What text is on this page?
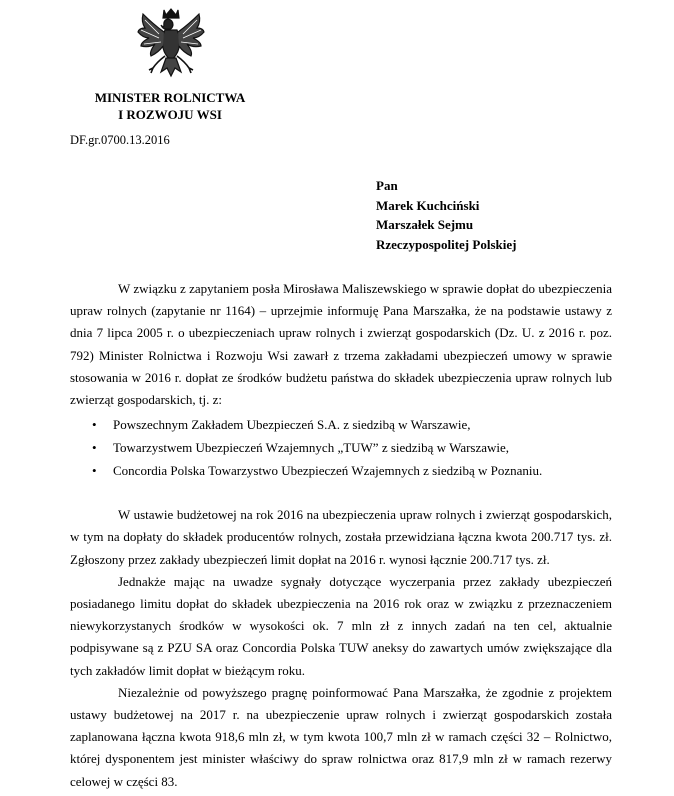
MINISTER ROLNICTWA
I ROZWOJU WSI
DF.gr.0700.13.2016
Pan
Marek Kuchciński
Marszałek Sejmu
Rzeczypospolitej Polskiej

W związku z zapytaniem posła Mirosława Maliszewskiego w sprawie dopłat do ubezpieczenia upraw rolnych (zapytanie nr 1164) – uprzejmie informuję Pana Marszałka, że na podstawie ustawy z dnia 7 lipca 2005 r. o ubezpieczeniach upraw rolnych i zwierząt gospodarskich (Dz. U. z 2016 r. poz. 792) Minister Rolnictwa i Rozwoju Wsi zawarł z trzema zakładami ubezpieczeń umowy w sprawie stosowania w 2016 r. dopłat ze środków budżetu państwa do składek ubezpieczenia upraw rolnych lub zwierząt gospodarskich, tj. z:

• Powszechnym Zakładem Ubezpieczeń S.A. z siedzibą w Warszawie,
• Towarzystwem Ubezpieczeń Wzajemnych „TUW” z siedzibą w Warszawie,
• Concordia Polska Towarzystwo Ubezpieczeń Wzajemnych z siedzibą w Poznaniu.

W ustawie budżetowej na rok 2016 na ubezpieczenia upraw rolnych i zwierząt gospodarskich, w tym na dopłaty do składek producentów rolnych, została przewidziana łączna kwota 200.717 tys. zł. Zgłoszony przez zakłady ubezpieczeń limit dopłat na 2016 r. wynosi łącznie 200.717 tys. zł.

Jednakże mając na uwadze sygnały dotyczące wyczerpania przez zakłady ubezpieczeń posiadanego limitu dopłat do składek ubezpieczenia na 2016 rok oraz w związku z przeznaczeniem niewykorzystanych środków w wysokości ok. 7 mln zł z innych zadań na ten cel, aktualnie podpisywane są z PZU SA oraz Concordia Polska TUW aneksy do zawartych umów zwiększające dla tych zakładów limit dopłat w bieżącym roku.

Niezależnie od powyższego pragnę poinformować Pana Marszałka, że zgodnie z projektem ustawy budżetowej na 2017 r. na ubezpieczenie upraw rolnych i zwierząt gospodarskich została zaplanowana łączna kwota 918,6 mln zł, w tym kwota 100,7 mln zł w ramach części 32 – Rolnictwo, której dysponentem jest minister właściwy do spraw rolnictwa oraz 817,9 mln zł w ramach rezerwy celowej w części 83.
